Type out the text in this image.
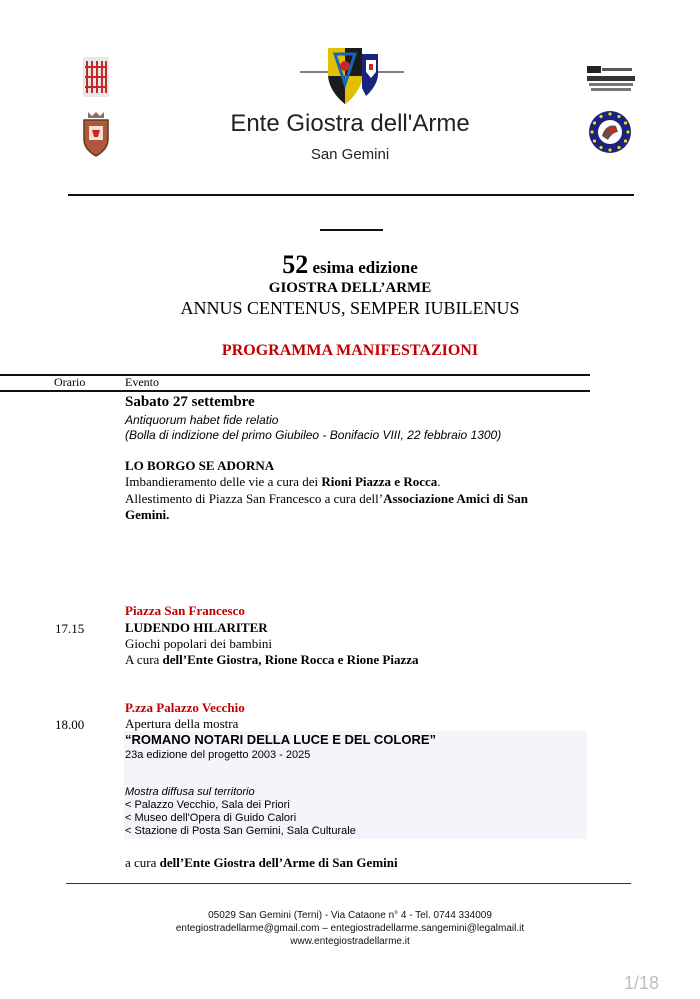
Ente Giostra dell'Arme
San Gemini
52 esima edizione
GIOSTRA DELL’ARME
ANNUS CENTENUS, SEMPER IUBILENUS
PROGRAMMA MANIFESTAZIONI
Orario	Evento
Sabato 27 settembre
Antiquorum habet fide relatio
(Bolla di indizione del primo Giubileo - Bonifacio VIII, 22 febbraio 1300)
LO BORGO SE ADORNA
Imbandieramento delle vie a cura dei Rioni Piazza e Rocca.
Allestimento di Piazza San Francesco a cura dell’Associazione Amici di San
Gemini.
Piazza San Francesco
17.15	LUDENDO HILARITER
Giochi popolari dei bambini
A cura dell’Ente Giostra, Rione Rocca e Rione Piazza
P.zza Palazzo Vecchio
18.00	Apertura della mostra
“ROMANO NOTARI DELLA LUCE E DEL COLORE”
23a edizione del progetto 2003 - 2025
Mostra diffusa sul territorio
< Palazzo Vecchio, Sala dei Priori
< Museo dell'Opera di Guido Calori
< Stazione di Posta San Gemini, Sala Culturale
a cura dell’Ente Giostra dell’Arme di San Gemini
05029 San Gemini (Terni) - Via Cataone n° 4 - Tel. 0744 334009
entegiostradellarme@gmail.com – entegiostradellarme.sangemini@legalmail.it
www.entegiostradellarme.it
1/18
